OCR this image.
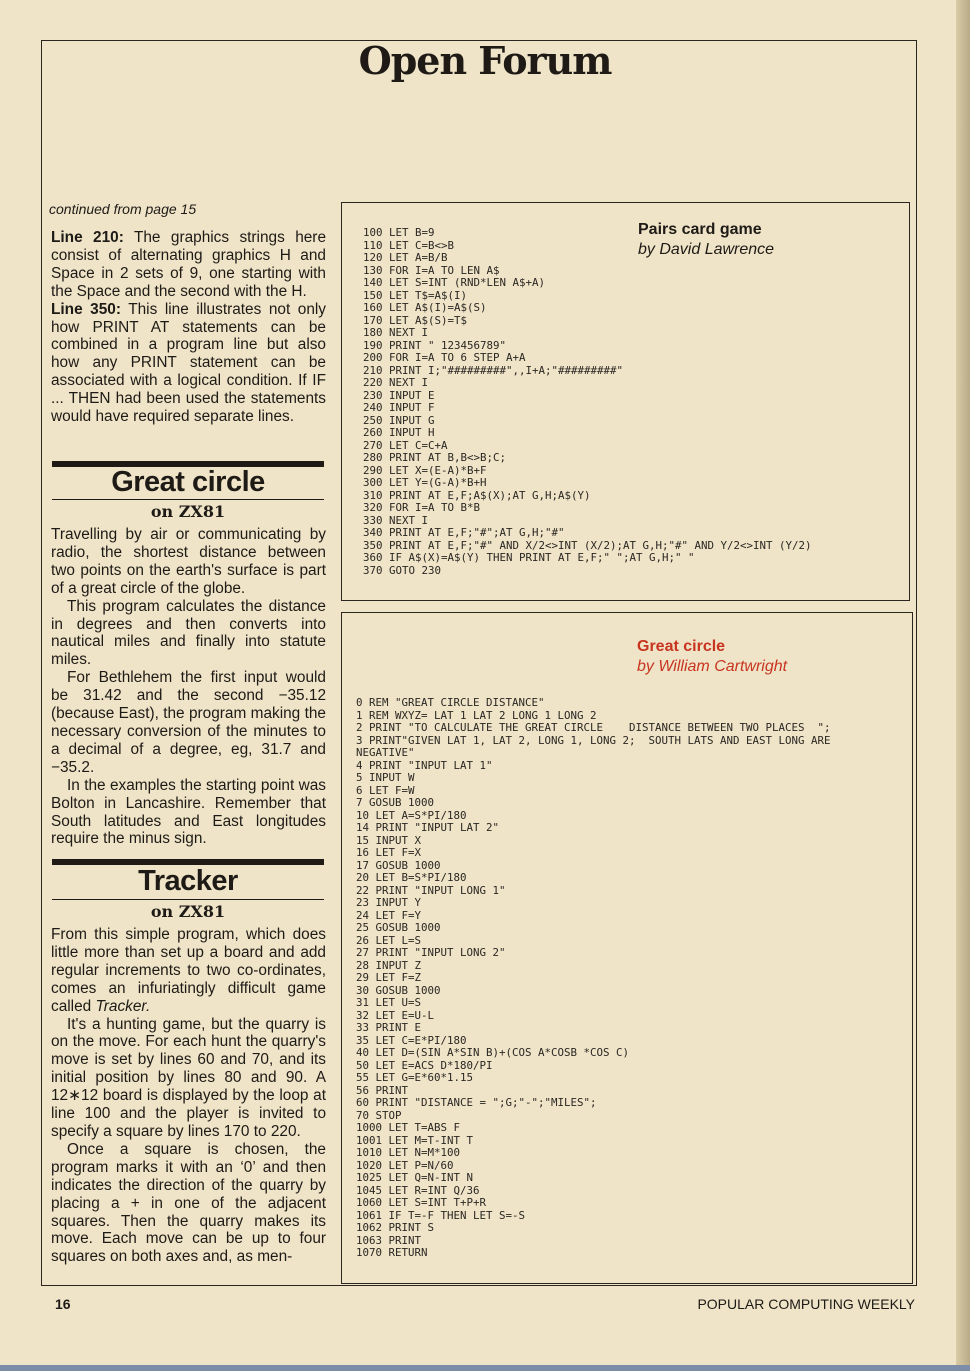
Open Forum
continued from page 15

Line 210: The graphics strings here consist of alternating graphics H and Space in 2 sets of 9, one starting with the Space and the second with the H.

Line 350: This line illustrates not only how PRINT AT statements can be combined in a program line but also how any PRINT statement can be associated with a logical condition. If IF ... THEN had been used the statements would have required separate lines.

Great circle
on ZX81

Travelling by air or communicating by radio, the shortest distance between two points on the earth's surface is part of a great circle of the globe.

This program calculates the distance in degrees and then converts into nautical miles and finally into statute miles.

For Bethlehem the first input would be 31.42 and the second −35.12 (because East), the program making the necessary conversion of the minutes to a decimal of a degree, eg, 31.7 and −35.2.

In the examples the starting point was Bolton in Lancashire. Remember that South latitudes and East longitudes require the minus sign.

Tracker
on ZX81

From this simple program, which does little more than set up a board and add regular increments to two co-ordinates, comes an infuriatingly difficult game called Tracker.

It's a hunting game, but the quarry is on the move. For each hunt the quarry's move is set by lines 60 and 70, and its initial position by lines 80 and 90. A 12∗12 board is displayed by the loop at line 100 and the player is invited to specify a square by lines 170 to 220.

Once a square is chosen, the program marks it with an ‘0’ and then indicates the direction of the quarry by placing a + in one of the adjacent squares. Then the quarry makes its move. Each move can be up to four squares on both axes and, as men-

Pairs card game
by David Lawrence
100 LET B=9
110 LET C=B<>B
120 LET A=B/B
130 FOR I=A TO LEN A$
140 LET S=INT (RND*LEN A$+A)
150 LET T$=A$(I)
160 LET A$(I)=A$(S)
170 LET A$(S)=T$
180 NEXT I
190 PRINT " 123456789"
200 FOR I=A TO 6 STEP A+A
210 PRINT I;"#########",,I+A;"#########"
220 NEXT I
230 INPUT E
240 INPUT F
250 INPUT G
260 INPUT H
270 LET C=C+A
280 PRINT AT B,B<>B;C;
290 LET X=(E-A)*B+F
300 LET Y=(G-A)*B+H
310 PRINT AT E,F;A$(X);AT G,H;A$(Y)
320 FOR I=A TO B*B
330 NEXT I
340 PRINT AT E,F;"#";AT G,H;"#"
350 PRINT AT E,F;"#" AND X/2<>INT (X/2);AT G,H;"#" AND Y/2<>INT (Y/2)
360 IF A$(X)=A$(Y) THEN PRINT AT E,F;" ";AT G,H;" "
370 GOTO 230
Great circle
by William Cartwright
0 REM "GREAT CIRCLE DISTANCE"
1 REM WXYZ= LAT 1 LAT 2 LONG 1 LONG 2
2 PRINT "TO CALCULATE THE GREAT CIRCLE    DISTANCE BETWEEN TWO PLACES  ";
3 PRINT"GIVEN LAT 1, LAT 2, LONG 1, LONG 2;  SOUTH LATS AND EAST LONG ARE
NEGATIVE"
4 PRINT "INPUT LAT 1"
5 INPUT W
6 LET F=W
7 GOSUB 1000
10 LET A=S*PI/180
14 PRINT "INPUT LAT 2"
15 INPUT X
16 LET F=X
17 GOSUB 1000
20 LET B=S*PI/180
22 PRINT "INPUT LONG 1"
23 INPUT Y
24 LET F=Y
25 GOSUB 1000
26 LET L=S
27 PRINT "INPUT LONG 2"
28 INPUT Z
29 LET F=Z
30 GOSUB 1000
31 LET U=S
32 LET E=U-L
33 PRINT E
35 LET C=E*PI/180
40 LET D=(SIN A*SIN B)+(COS A*COSB *COS C)
50 LET E=ACS D*180/PI
55 LET G=E*60*1.15
56 PRINT
60 PRINT "DISTANCE = ";G;"-";"MILES";
70 STOP
1000 LET T=ABS F
1001 LET M=T-INT T
1010 LET N=M*100
1020 LET P=N/60
1025 LET Q=N-INT N
1045 LET R=INT Q/36
1060 LET S=INT T+P+R
1061 IF T=-F THEN LET S=-S
1062 PRINT S
1063 PRINT
1070 RETURN
16	POPULAR COMPUTING WEEKLY
